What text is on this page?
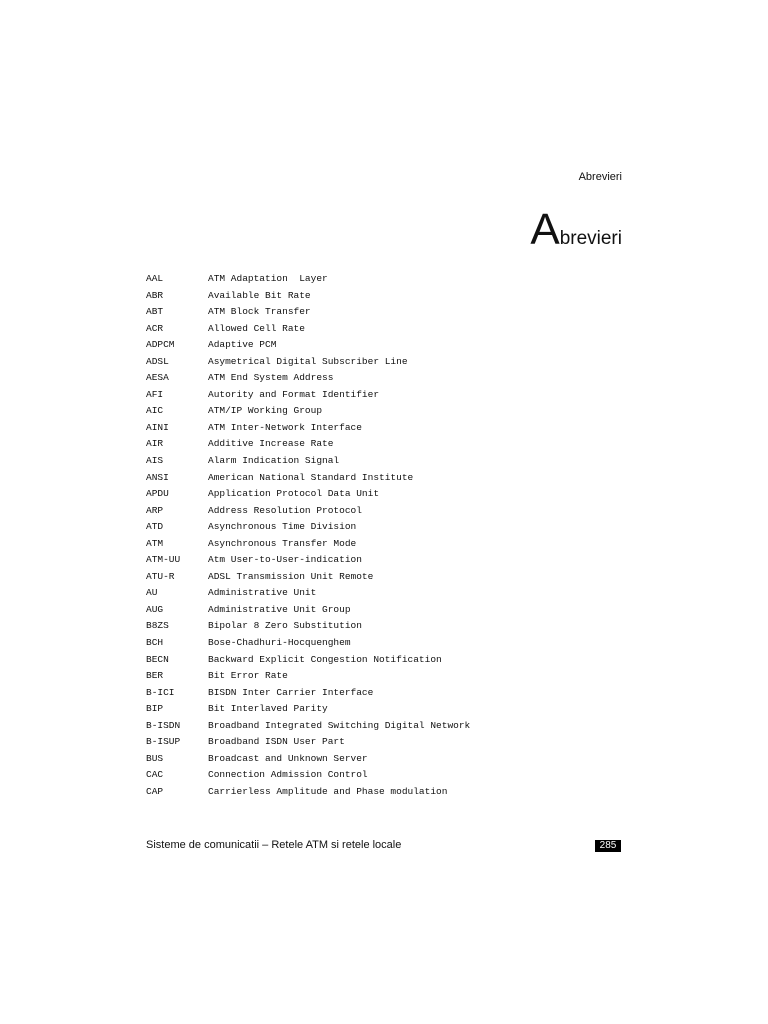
Abrevieri
Abrevieri
AAL	ATM Adaptation  Layer
ABR	Available Bit Rate
ABT	ATM Block Transfer
ACR	Allowed Cell Rate
ADPCM	Adaptive PCM
ADSL	Asymetrical Digital Subscriber Line
AESA	ATM End System Address
AFI	Autority and Format Identifier
AIC	ATM/IP Working Group
AINI	ATM Inter-Network Interface
AIR	Additive Increase Rate
AIS	Alarm Indication Signal
ANSI	American National Standard Institute
APDU	Application Protocol Data Unit
ARP	Address Resolution Protocol
ATD	Asynchronous Time Division
ATM	Asynchronous Transfer Mode
ATM-UU	Atm User-to-User-indication
ATU-R	ADSL Transmission Unit Remote
AU	Administrative Unit
AUG	Administrative Unit Group
B8ZS	Bipolar 8 Zero Substitution
BCH	Bose-Chadhuri-Hocquenghem
BECN	Backward Explicit Congestion Notification
BER	Bit Error Rate
B-ICI	BISDN Inter Carrier Interface
BIP	Bit Interlaved Parity
B-ISDN	Broadband Integrated Switching Digital Network
B-ISUP	Broadband ISDN User Part
BUS	Broadcast and Unknown Server
CAC	Connection Admission Control
CAP	Carrierless Amplitude and Phase modulation
Sisteme de comunicatii – Retele ATM si retele locale	285
